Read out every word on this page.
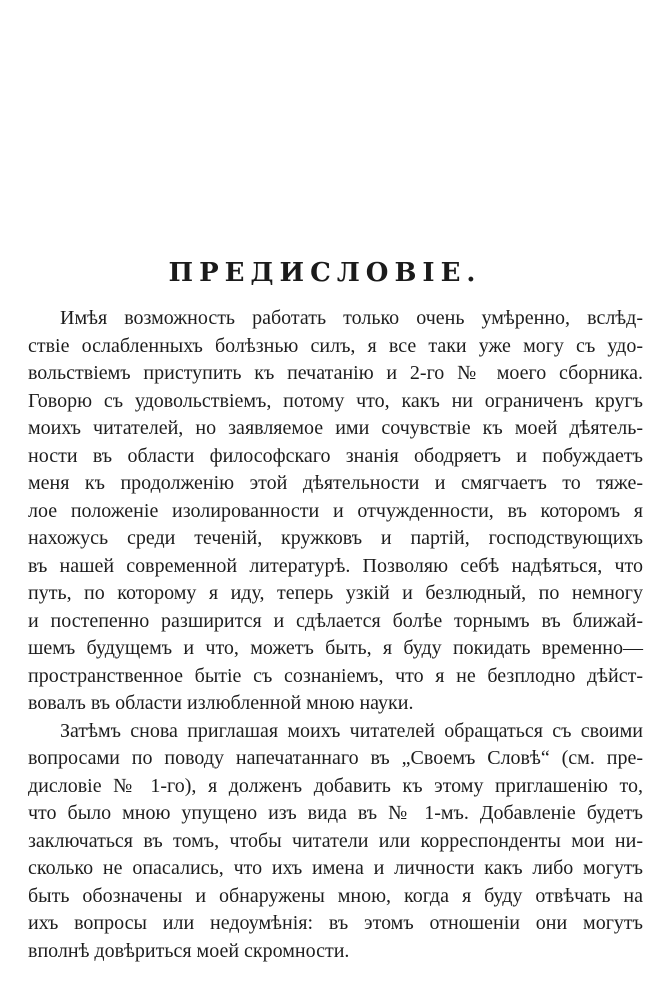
ПРЕДИСЛОВІЕ.
Имѣя возможность работать только очень умѣренно, вслѣд-
ствіе ослабленныхъ болѣзнью силъ, я все таки уже могу съ удо-
вольствіемъ приступить къ печатанію и 2-го № моего сборника.
Говорю съ удовольствіемъ, потому что, какъ ни ограниченъ кругъ
моихъ читателей, но заявляемое ими сочувствіе къ моей дѣятель-
ности въ области философскаго знанія ободряетъ и побуждаетъ
меня къ продолженію этой дѣятельности и смягчаетъ то тяже-
лое положеніе изолированности и отчужденности, въ которомъ я
нахожусь среди теченій, кружковъ и партій, господствующихъ
въ нашей современной литературѣ. Позволяю себѣ надѣяться, что
путь, по которому я иду, теперь узкій и безлюдный, по немногу
и постепенно разширится и сдѣлается болѣе торнымъ въ ближай-
шемъ будущемъ и что, можетъ быть, я буду покидать временно—
пространственное бытіе съ сознаніемъ, что я не безплодно дѣйст-
вовалъ въ области излюбленной мною науки.
Затѣмъ снова приглашая моихъ читателей обращаться съ своими
вопросами по поводу напечатаннаго въ „Своемъ Словѣ“ (см. пре-
дисловіе № 1-го), я долженъ добавить къ этому приглашенію то,
что было мною упущено изъ вида въ № 1-мъ. Добавленіе будетъ
заключаться въ томъ, чтобы читатели или корреспонденты мои ни-
сколько не опасались, что ихъ имена и личности какъ либо могутъ
быть обозначены и обнаружены мною, когда я буду отвѣчать на
ихъ вопросы или недоумѣнія: въ этомъ отношеніи они могутъ
вполнѣ довѣриться моей скромности.
